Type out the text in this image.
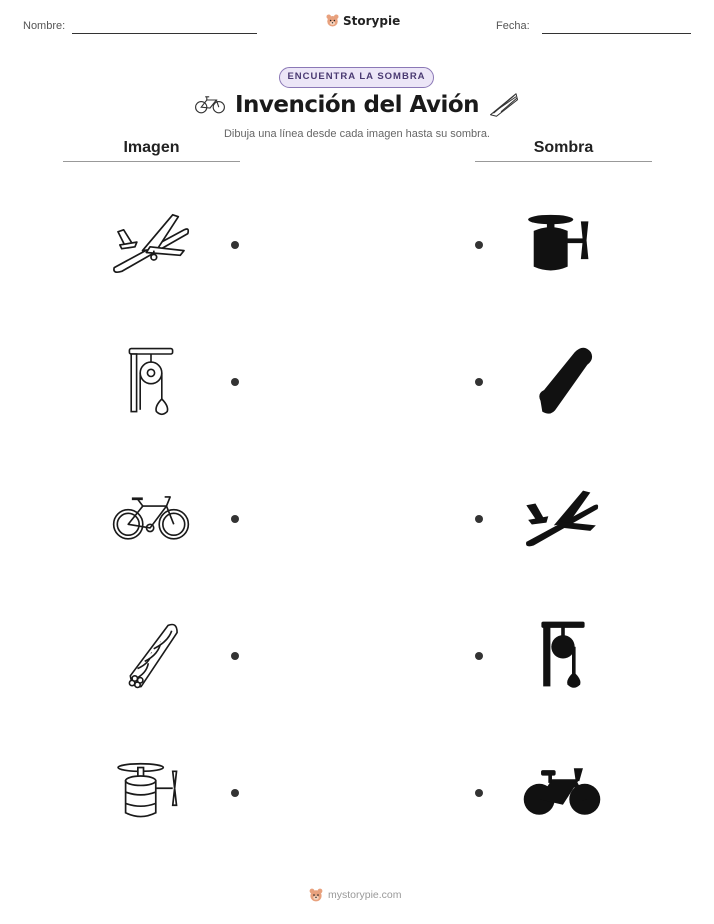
Nombre:	Storypie	Fecha:
ENCUENTRA LA SOMBRA
Invención del Avión
Dibuja una línea desde cada imagen hasta su sombra.
Imagen	Sombra
mystorypie.com
